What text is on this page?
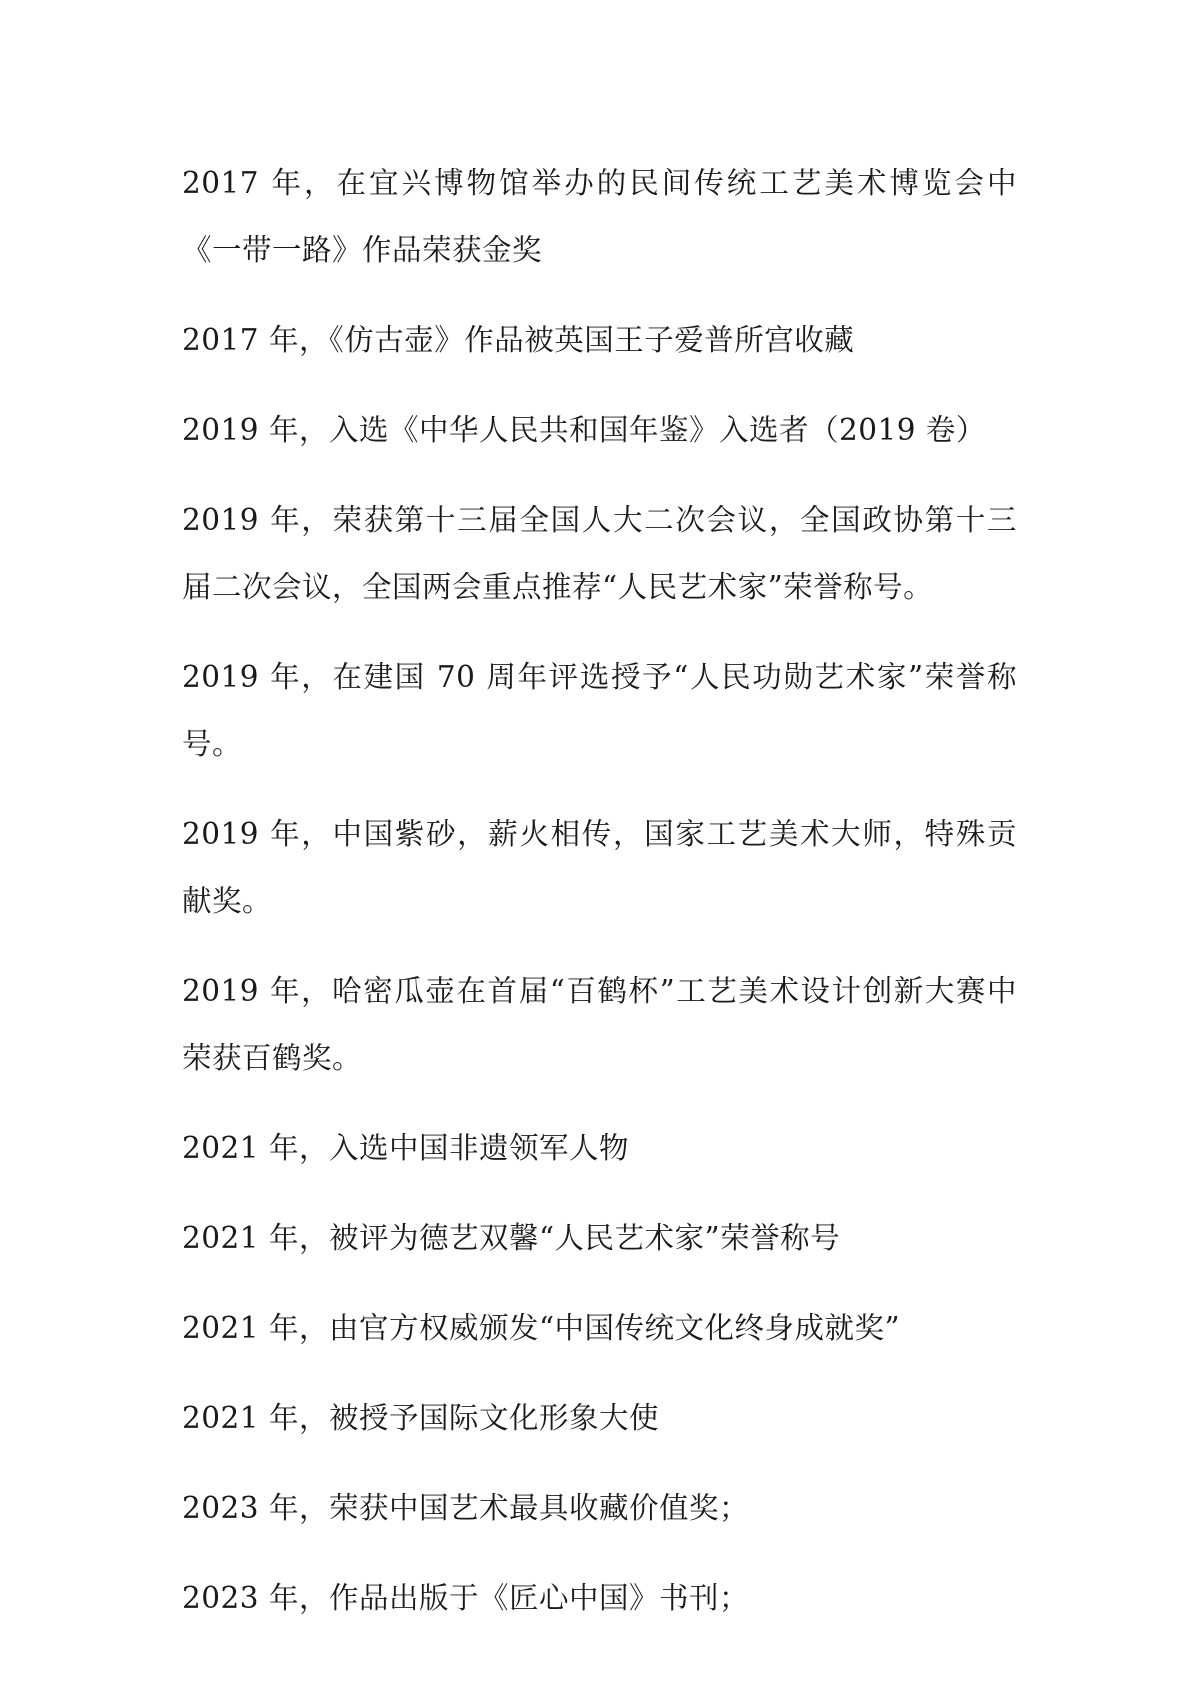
2017 年，在宜兴博物馆举办的民间传统工艺美术博览会中《一带一路》作品荣获金奖

2017 年，《仿古壶》作品被英国王子爱普所宫收藏

2019 年，入选《中华人民共和国年鉴》入选者（2019 卷）

2019 年，荣获第十三届全国人大二次会议，全国政协第十三届二次会议，全国两会重点推荐“人民艺术家”荣誉称号。

2019 年，在建国 70 周年评选授予“人民功勋艺术家”荣誉称号。

2019 年，中国紫砂，薪火相传，国家工艺美术大师，特殊贡献奖。

2019 年，哈密瓜壶在首届“百鹤杯”工艺美术设计创新大赛中荣获百鹤奖。

2021 年，入选中国非遗领军人物

2021 年，被评为德艺双馨“人民艺术家”荣誉称号

2021 年，由官方权威颁发“中国传统文化终身成就奖”

2021 年，被授予国际文化形象大使

2023 年，荣获中国艺术最具收藏价值奖；

2023 年，作品出版于《匠心中国》书刊；
